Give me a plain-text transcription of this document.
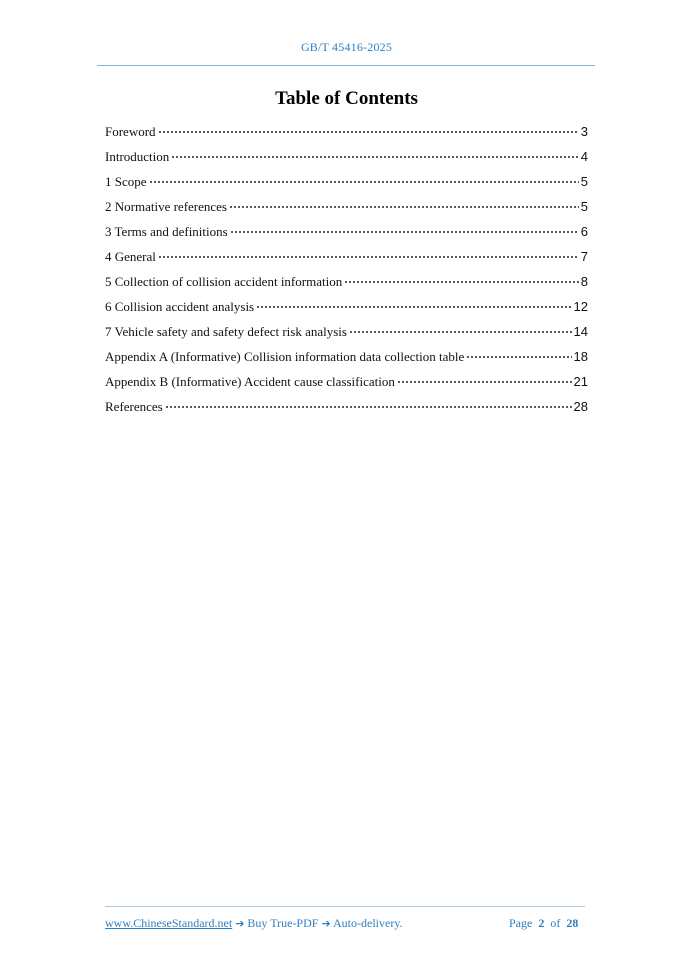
GB/T 45416-2025
Table of Contents
Foreword	3
Introduction	4
1 Scope	5
2 Normative references	5
3 Terms and definitions	6
4 General	7
5 Collection of collision accident information	8
6 Collision accident analysis	12
7 Vehicle safety and safety defect risk analysis	14
Appendix A (Informative) Collision information data collection table	18
Appendix B (Informative) Accident cause classification	21
References	28
www.ChineseStandard.net ➔ Buy True-PDF ➔ Auto-delivery.	Page 2 of 28
